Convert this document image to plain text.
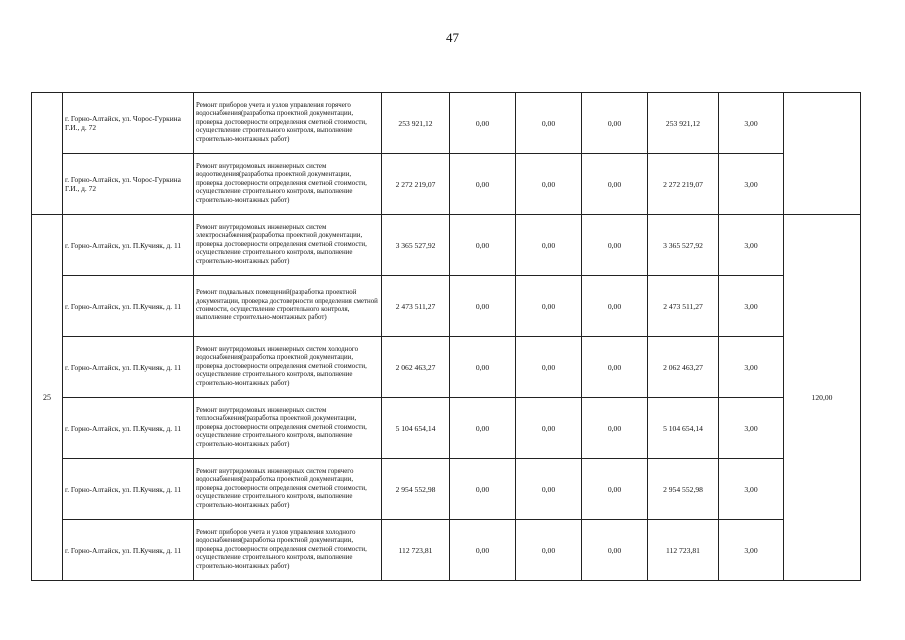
47
	г. Горно-Алтайск, ул. Чорос-Гуркина Г.И., д. 72	Ремонт приборов учета и узлов управления горячего водоснабжения(разработка проектной документации, проверка достоверности определения сметной стоимости, осуществление строительного контроля, выполнение строительно-монтажных работ)	253 921,12	0,00	0,00	0,00	253 921,12	3,00	
	г. Горно-Алтайск, ул. Чорос-Гуркина Г.И., д. 72	Ремонт внутридомовых инженерных систем водоотведения(разработка проектной документации, проверка достоверности определения сметной стоимости, осуществление строительного контроля, выполнение строительно-монтажных работ)	2 272 219,07	0,00	0,00	0,00	2 272 219,07	3,00	
25	г. Горно-Алтайск, ул. П.Кучияк, д. 11	Ремонт внутридомовых инженерных систем электроснабжения(разработка проектной документации, проверка достоверности определения сметной стоимости, осуществление строительного контроля, выполнение строительно-монтажных работ)	3 365 527,92	0,00	0,00	0,00	3 365 527,92	3,00	120,00
	г. Горно-Алтайск, ул. П.Кучияк, д. 11	Ремонт подвальных помещений(разработка проектной документации, проверка достоверности определения сметной стоимости, осуществление строительного контроля, выполнение строительно-монтажных работ)	2 473 511,27	0,00	0,00	0,00	2 473 511,27	3,00	
	г. Горно-Алтайск, ул. П.Кучияк, д. 11	Ремонт внутридомовых инженерных систем холодного водоснабжения(разработка проектной документации, проверка достоверности определения сметной стоимости, осуществление строительного контроля, выполнение строительно-монтажных работ)	2 062 463,27	0,00	0,00	0,00	2 062 463,27	3,00	
	г. Горно-Алтайск, ул. П.Кучияк, д. 11	Ремонт внутридомовых инженерных систем теплоснабжения(разработка проектной документации, проверка достоверности определения сметной стоимости, осуществление строительного контроля, выполнение строительно-монтажных работ)	5 104 654,14	0,00	0,00	0,00	5 104 654,14	3,00	
	г. Горно-Алтайск, ул. П.Кучияк, д. 11	Ремонт внутридомовых инженерных систем горячего водоснабжения(разработка проектной документации, проверка достоверности определения сметной стоимости, осуществление строительного контроля, выполнение строительно-монтажных работ)	2 954 552,98	0,00	0,00	0,00	2 954 552,98	3,00	
	г. Горно-Алтайск, ул. П.Кучияк, д. 11	Ремонт приборов учета и узлов управления холодного водоснабжения(разработка проектной документации, проверка достоверности определения сметной стоимости, осуществление строительного контроля, выполнение строительно-монтажных работ)	112 723,81	0,00	0,00	0,00	112 723,81	3,00	
